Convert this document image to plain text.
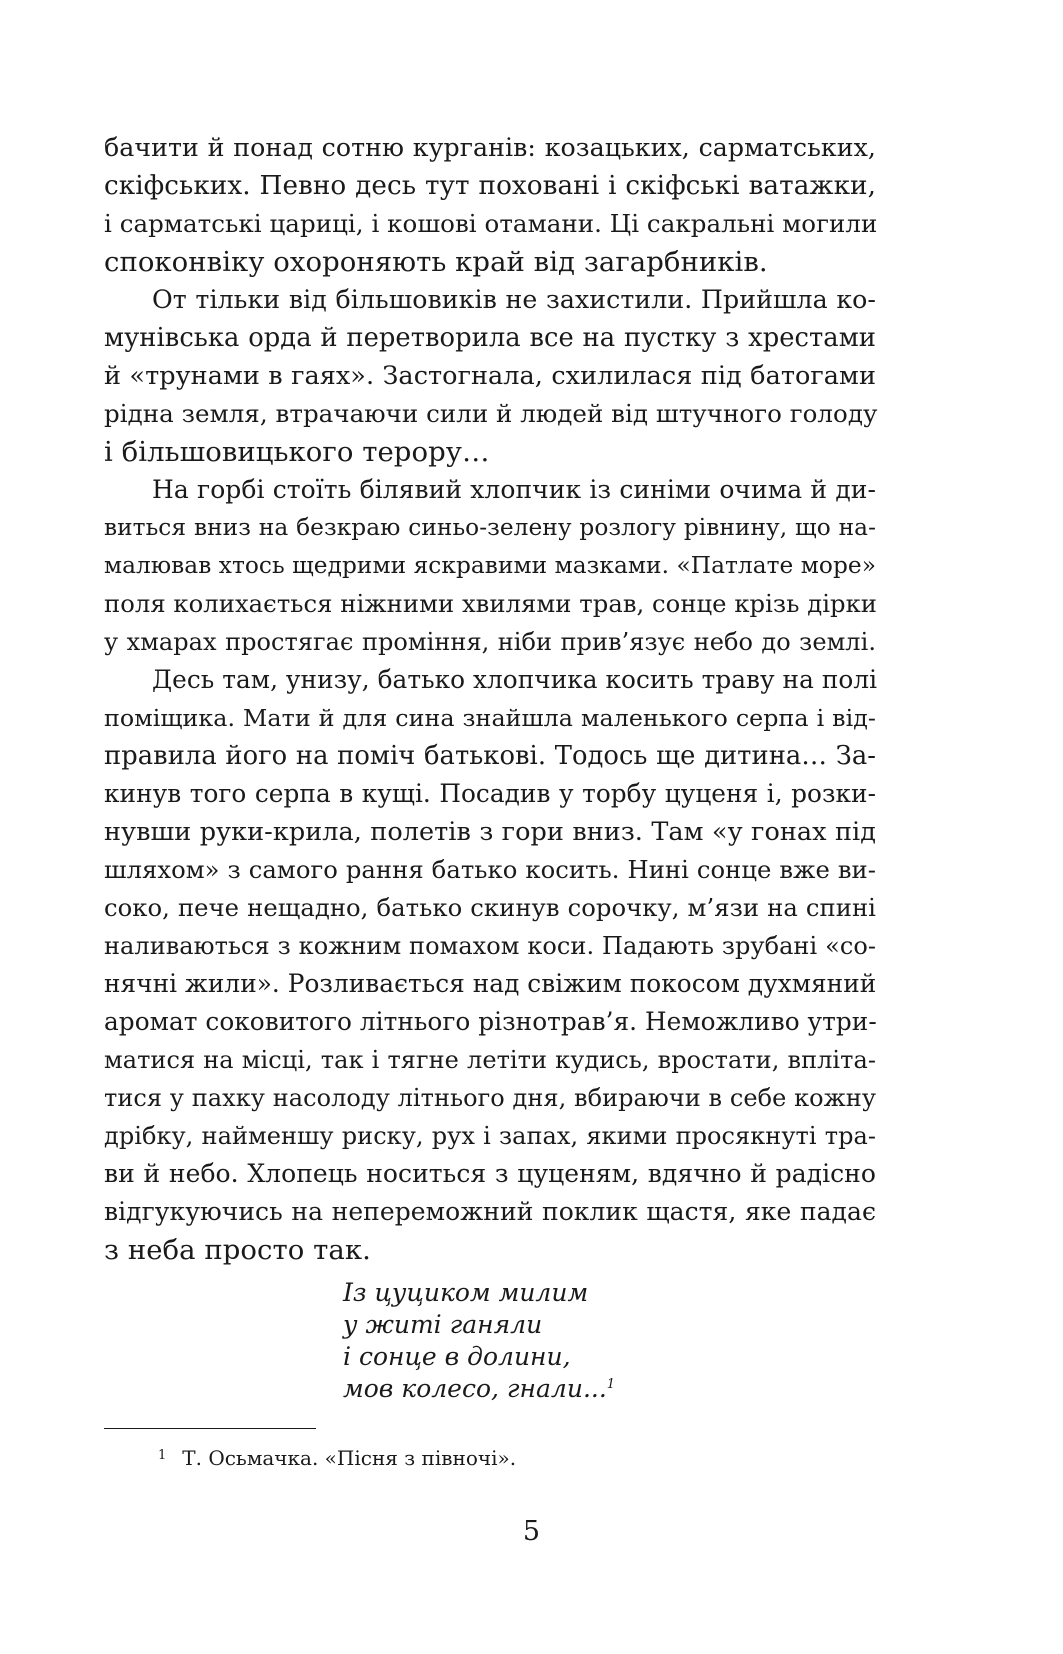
бачити й понад сотню курганів: козацьких, сарматських,
скіфських. Певно десь тут поховані і скіфські ватажки,
і сарматські цариці, і кошові отамани. Ці сакральні могили
споконвіку охороняють край від загарбників.
От тільки від більшовиків не захистили. Прийшла ко-
мунівська орда й перетворила все на пустку з хрестами
й «трунами в гаях». Застогнала, схилилася під батогами
рідна земля, втрачаючи сили й людей від штучного голоду
і більшовицького терору…
На горбі стоїть білявий хлопчик із синіми очима й ди-
виться вниз на безкраю синьо-зелену розлогу рівнину, що на-
малював хтось щедрими яскравими мазками. «Патлате море»
поля колихається ніжними хвилями трав, сонце крізь дірки
у хмарах простягає проміння, ніби прив’язує небо до землі.
Десь там, унизу, батько хлопчика косить траву на полі
поміщика. Мати й для сина знайшла маленького серпа і від-
правила його на поміч батькові. Тодось ще дитина… За-
кинув того серпа в кущі. Посадив у торбу цуценя і, розки-
нувши руки-крила, полетів з гори вниз. Там «у гонах під
шляхом» з самого рання батько косить. Нині сонце вже ви-
соко, пече нещадно, батько скинув сорочку, м’язи на спині
наливаються з кожним помахом коси. Падають зрубані «со-
нячні жили». Розливається над свіжим покосом духмяний
аромат соковитого літнього різнотрав’я. Неможливо утри-
матися на місці, так і тягне летіти кудись, вростати, впліта-
тися у пахку насолоду літнього дня, вбираючи в себе кожну
дрібку, найменшу риску, рух і запах, якими просякнуті тра-
ви й небо. Хлопець носиться з цуценям, вдячно й радісно
відгукуючись на непереможний поклик щастя, яке падає
з неба просто так.
Із цуциком милим
у житі ганяли
і сонце в долини,
мов колесо, гнали...$^1$
$^1$ Т. Осьмачка. «Пісня з півночі».
5
